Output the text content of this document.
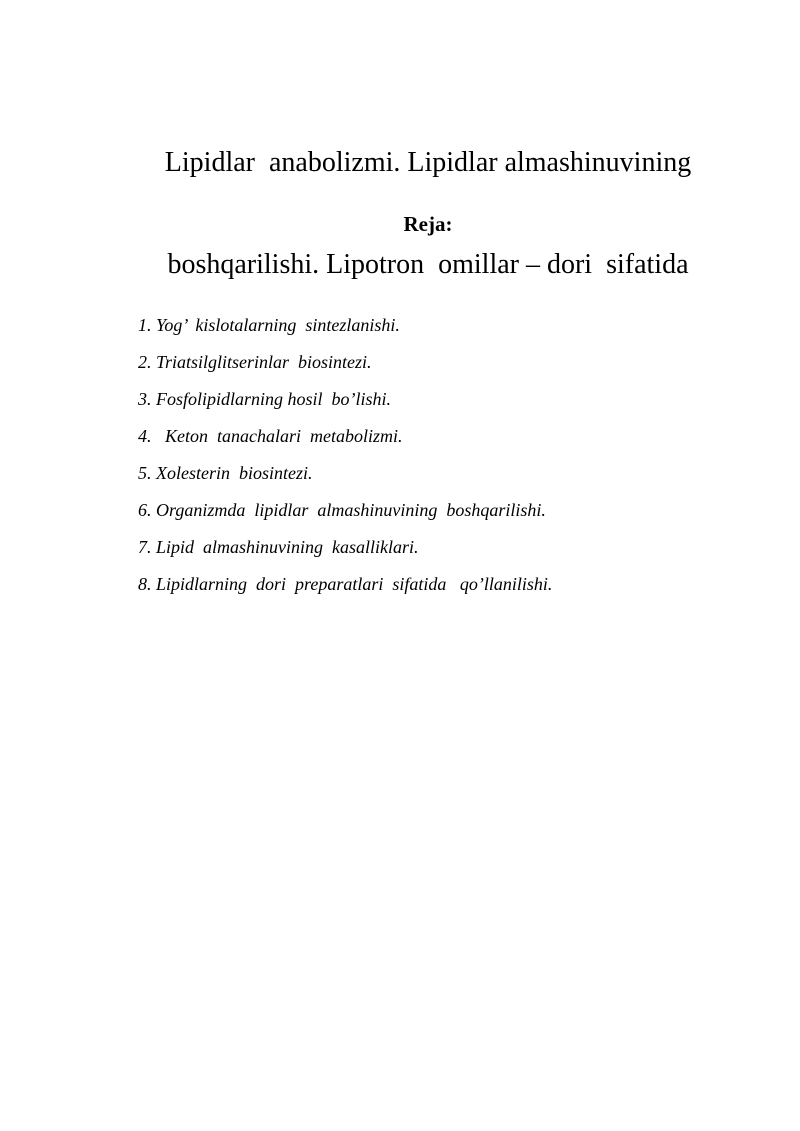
Lipidlar  anabolizmi. Lipidlar almashinuvining

boshqarilishi. Lipotron  omillar – dori  sifatida

Reja:
1. Yog’  kislotalarning  sintezlanishi.
2. Triatsilglitserinlar  biosintezi.
3. Fosfolipidlarning hosil  bo’lishi.
4.   Keton  tanachalari  metabolizmi.
5. Xolesterin  biosintezi.
6. Organizmda  lipidlar  almashinuvining  boshqarilishi.
7. Lipid  almashinuvining  kasalliklari.
8. Lipidlarning  dori  preparatlari  sifatida   qo’llanilishi.
